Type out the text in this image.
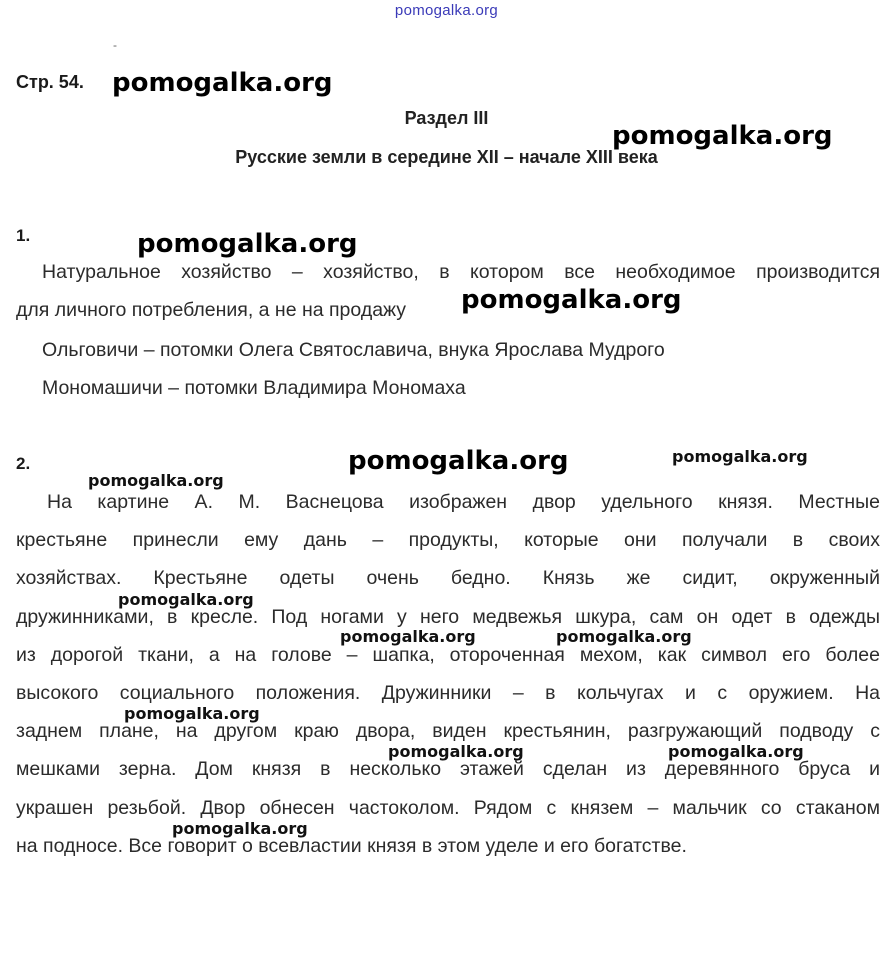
pomogalka.org
-
Стр. 54.
Раздел III
Русские земли в середине XII – начале XIII века
1.
Натуральное хозяйство – хозяйство, в котором все необходимое производится
для личного потребления, а не на продажу
Ольговичи – потомки Олега Святославича, внука Ярослава Мудрого
Мономашичи – потомки Владимира Мономаха
2.
На картине А. М. Васнецова изображен двор удельного князя. Местные
крестьяне принесли ему дань – продукты, которые они получали в своих
хозяйствах. Крестьяне одеты очень бедно. Князь же сидит, окруженный
дружинниками, в кресле. Под ногами у него медвежья шкура, сам он одет в одежды
из дорогой ткани, а на голове – шапка, отороченная мехом, как символ его более
высокого социального положения. Дружинники – в кольчугах и с оружием. На
заднем плане, на другом краю двора, виден крестьянин, разгружающий подводу с
мешками зерна. Дом князя в несколько этажей сделан из деревянного бруса и
украшен резьбой. Двор обнесен частоколом. Рядом с князем – мальчик со стаканом
на подносе. Все говорит о всевластии князя в этом уделе и его богатстве.
pomogalka.org
pomogalka.org
pomogalka.org
pomogalka.org
pomogalka.org
pomogalka.org
pomogalka.org
pomogalka.org
pomogalka.org	pomogalka.org
pomogalka.org
pomogalka.org	pomogalka.org
pomogalka.org
